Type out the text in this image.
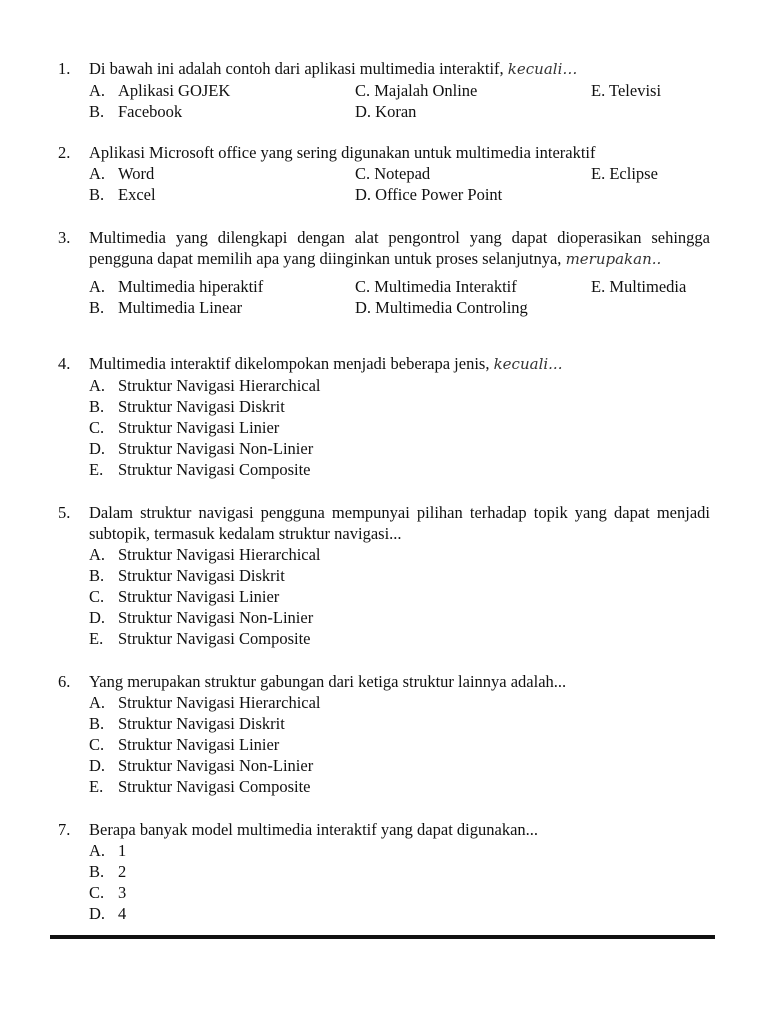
1.	Di bawah ini adalah contoh dari aplikasi multimedia interaktif, kecuali…
A. Aplikasi GOJEK	C. Majalah Online	E. Televisi
B. Facebook	D. Koran
2.	Aplikasi Microsoft office yang sering digunakan untuk multimedia interaktif
A. Word	C. Notepad	E. Eclipse
B. Excel	D. Office Power Point
3.	Multimedia yang dilengkapi dengan alat pengontrol yang dapat dioperasikan sehingga pengguna dapat memilih apa yang diinginkan untuk proses selanjutnya, merupakan..
A. Multimedia hiperaktif	C. Multimedia Interaktif	E. Multimedia
B. Multimedia Linear	D. Multimedia Controling
4.	Multimedia interaktif dikelompokan menjadi beberapa jenis, kecuali...
A. Struktur Navigasi Hierarchical
B. Struktur Navigasi Diskrit
C. Struktur Navigasi Linier
D. Struktur Navigasi Non-Linier
E. Struktur Navigasi Composite
5.	Dalam struktur navigasi pengguna mempunyai pilihan terhadap topik yang dapat menjadi subtopik, termasuk kedalam struktur navigasi...
A. Struktur Navigasi Hierarchical
B. Struktur Navigasi Diskrit
C. Struktur Navigasi Linier
D. Struktur Navigasi Non-Linier
E. Struktur Navigasi Composite
6.	Yang merupakan struktur gabungan dari ketiga struktur lainnya adalah...
A. Struktur Navigasi Hierarchical
B. Struktur Navigasi Diskrit
C. Struktur Navigasi Linier
D. Struktur Navigasi Non-Linier
E. Struktur Navigasi Composite
7.	Berapa banyak model multimedia interaktif yang dapat digunakan...
A. 1
B. 2
C. 3
D. 4
